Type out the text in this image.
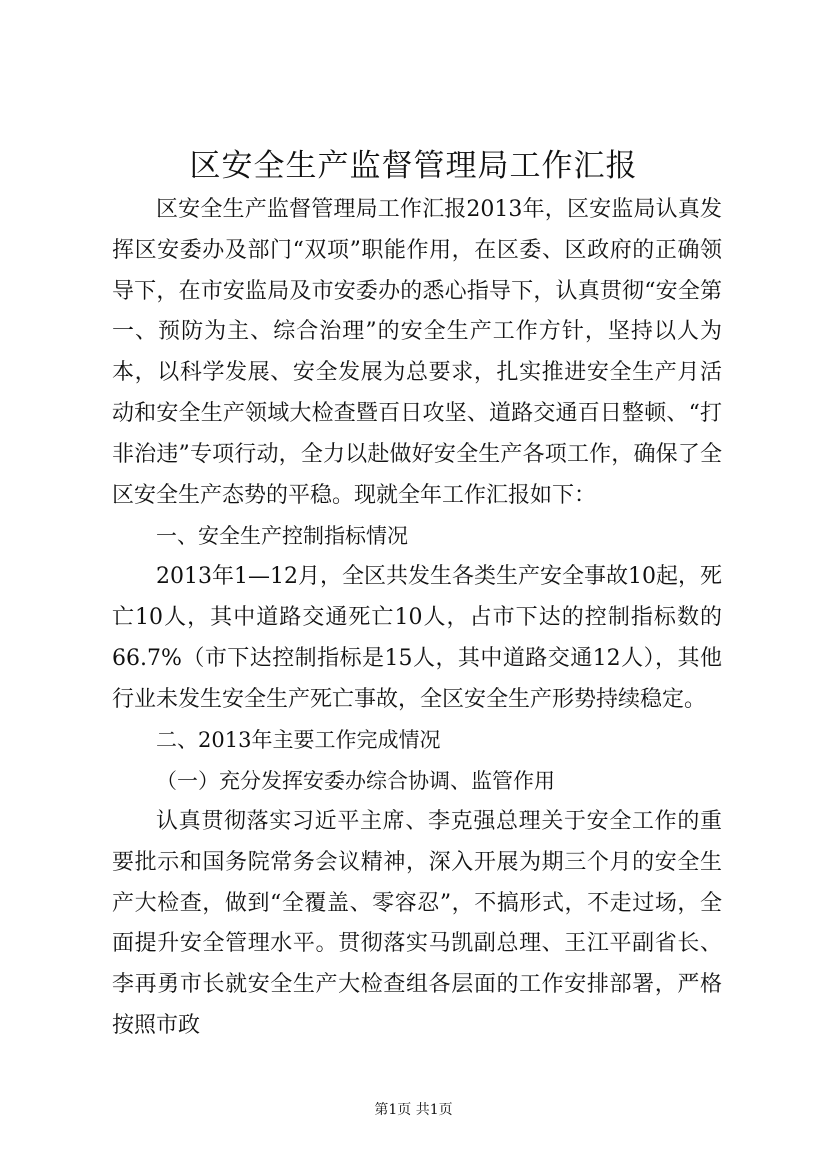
区安全生产监督管理局工作汇报

区安全生产监督管理局工作汇报2013年，区安监局认真发挥区安委办及部门“双项”职能作用，在区委、区政府的正确领导下，在市安监局及市安委办的悉心指导下，认真贯彻“安全第一、预防为主、综合治理”的安全生产工作方针，坚持以人为本，以科学发展、安全发展为总要求，扎实推进安全生产月活动和安全生产领域大检查暨百日攻坚、道路交通百日整顿、“打非治违”专项行动，全力以赴做好安全生产各项工作，确保了全区安全生产态势的平稳。现就全年工作汇报如下：

一、安全生产控制指标情况

2013年1—12月，全区共发生各类生产安全事故10起，死亡10人，其中道路交通死亡10人，占市下达的控制指标数的66.7%（市下达控制指标是15人，其中道路交通12人），其他行业未发生安全生产死亡事故，全区安全生产形势持续稳定。

二、2013年主要工作完成情况

（一）充分发挥安委办综合协调、监管作用

认真贯彻落实习近平主席、李克强总理关于安全工作的重要批示和国务院常务会议精神，深入开展为期三个月的安全生产大检查，做到“全覆盖、零容忍”，不搞形式，不走过场，全面提升安全管理水平。贯彻落实马凯副总理、王江平副省长、李再勇市长就安全生产大检查组各层面的工作安排部署，严格按照市政

第1页 共1页
